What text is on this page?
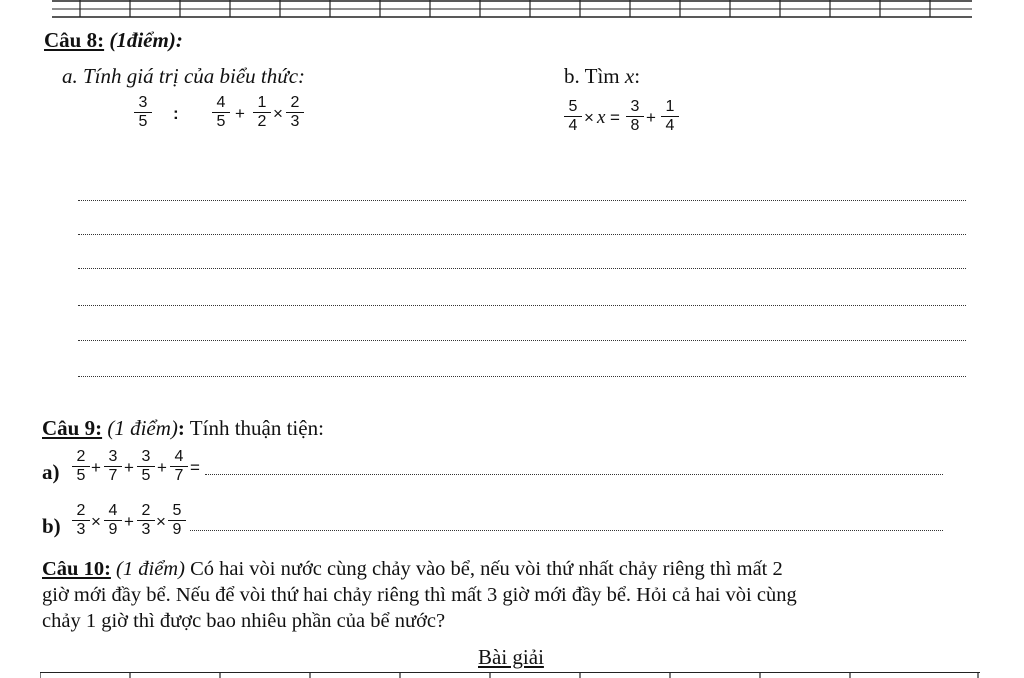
Câu 8: (1điểm):
a. Tính giá trị của biểu thức:	b. Tìm x:
$\frac{3}{5}$ : $\frac{4}{5} + \frac{1}{2} \times \frac{2}{3}$	$\frac{5}{4} \times x = \frac{3}{8} + \frac{1}{4}$
Câu 9: (1 điểm): Tính thuận tiện:
$a) \frac{2}{5} + \frac{3}{7} + \frac{3}{5} + \frac{4}{7}$ =
$b) \frac{2}{3} \times \frac{4}{9} + \frac{2}{3} \times \frac{5}{9}$
Câu 10: (1 điểm) Có hai vòi nước cùng chảy vào bể, nếu vòi thứ nhất chảy riêng thì mất 2
giờ mới đầy bể. Nếu để vòi thứ hai chảy riêng thì mất 3 giờ mới đầy bể. Hỏi cả hai vòi cùng
chảy 1 giờ thì được bao nhiêu phần của bể nước?
Bài giải
